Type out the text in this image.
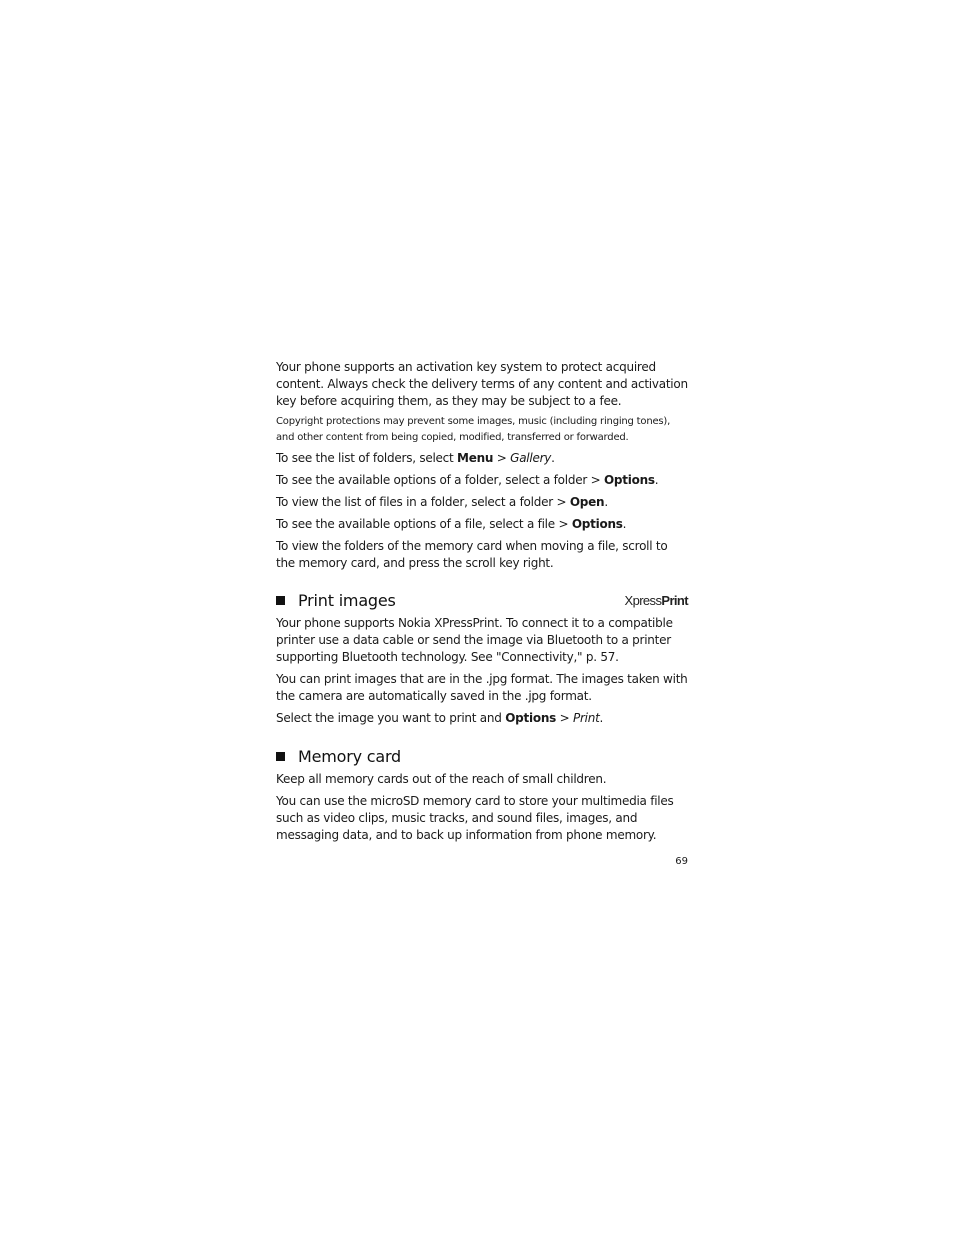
Your phone supports an activation key system to protect acquired content. Always check the delivery terms of any content and activation key before acquiring them, as they may be subject to a fee.

Copyright protections may prevent some images, music (including ringing tones), and other content from being copied, modified, transferred or forwarded.

To see the list of folders, select Menu > Gallery.

To see the available options of a folder, select a folder > Options.

To view the list of files in a folder, select a folder > Open.

To see the available options of a file, select a file > Options.

To view the folders of the memory card when moving a file, scroll to the memory card, and press the scroll key right.

Print images	XpressPrint

Your phone supports Nokia XPressPrint. To connect it to a compatible printer use a data cable or send the image via Bluetooth to a printer supporting Bluetooth technology. See "Connectivity," p. 57.

You can print images that are in the .jpg format. The images taken with the camera are automatically saved in the .jpg format.

Select the image you want to print and Options > Print.

Memory card

Keep all memory cards out of the reach of small children.

You can use the microSD memory card to store your multimedia files such as video clips, music tracks, and sound files, images, and messaging data, and to back up information from phone memory.

69
